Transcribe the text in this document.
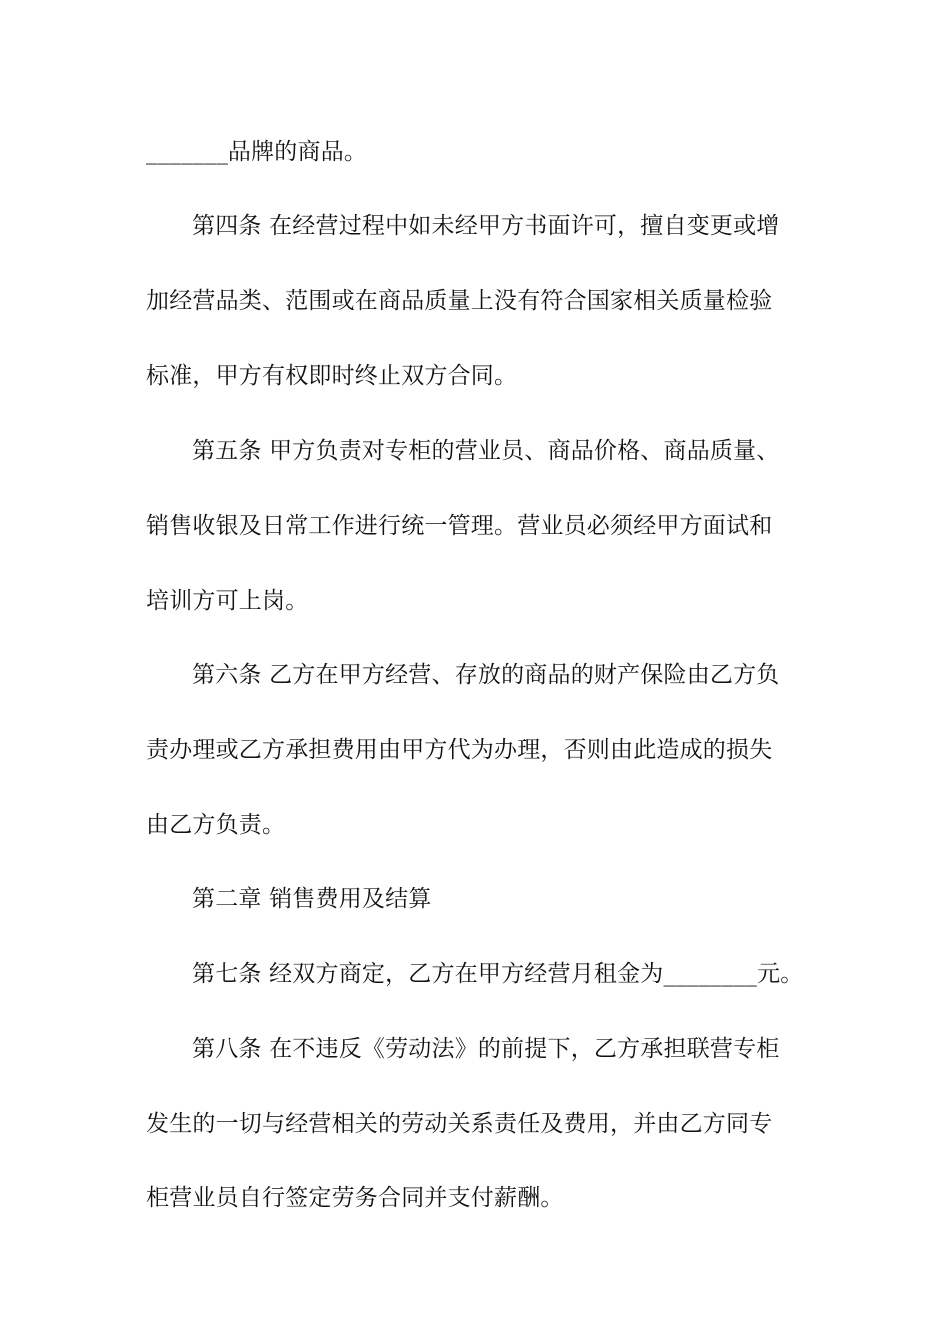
_______品牌的商品。

第四条 在经营过程中如未经甲方书面许可，擅自变更或增

加经营品类、范围或在商品质量上没有符合国家相关质量检验

标准，甲方有权即时终止双方合同。

第五条 甲方负责对专柜的营业员、商品价格、商品质量、

销售收银及日常工作进行统一管理。营业员必须经甲方面试和

培训方可上岗。

第六条 乙方在甲方经营、存放的商品的财产保险由乙方负

责办理或乙方承担费用由甲方代为办理，否则由此造成的损失

由乙方负责。

第二章 销售费用及结算

第七条 经双方商定，乙方在甲方经营月租金为________元。

第八条 在不违反《劳动法》的前提下，乙方承担联营专柜

发生的一切与经营相关的劳动关系责任及费用，并由乙方同专

柜营业员自行签定劳务合同并支付薪酬。
